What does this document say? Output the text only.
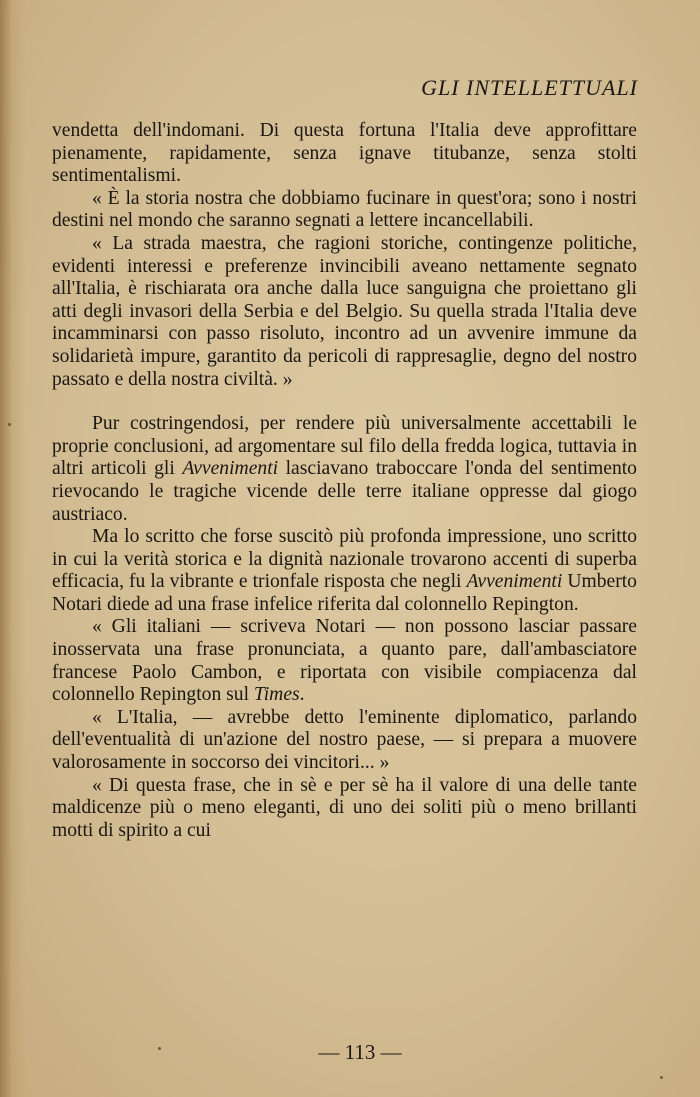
GLI INTELLETTUALI

vendetta dell'indomani. Di questa fortuna l'Italia deve approfittare pienamente, rapidamente, senza ignave titubanze, senza stolti sentimentalismi.

« È la storia nostra che dobbiamo fucinare in quest'ora; sono i nostri destini nel mondo che saranno segnati a lettere incancellabili.

« La strada maestra, che ragioni storiche, contingenze politiche, evidenti interessi e preferenze invincibili aveano nettamente segnato all'Italia, è rischiarata ora anche dalla luce sanguigna che proiettano gli atti degli invasori della Serbia e del Belgio. Su quella strada l'Italia deve incamminarsi con passo risoluto, incontro ad un avvenire immune da solidarietà impure, garantito da pericoli di rappresaglie, degno del nostro passato e della nostra civiltà. »

Pur costringendosi, per rendere più universalmente accettabili le proprie conclusioni, ad argomentare sul filo della fredda logica, tuttavia in altri articoli gli Avvenimenti lasciavano traboccare l'onda del sentimento rievocando le tragiche vicende delle terre italiane oppresse dal giogo austriaco.

Ma lo scritto che forse suscitò più profonda impressione, uno scritto in cui la verità storica e la dignità nazionale trovarono accenti di superba efficacia, fu la vibrante e trionfale risposta che negli Avvenimenti Umberto Notari diede ad una frase infelice riferita dal colonnello Repington.

« Gli italiani — scriveva Notari — non possono lasciar passare inosservata una frase pronunciata, a quanto pare, dall'ambasciatore francese Paolo Cambon, e riportata con visibile compiacenza dal colonnello Repington sul Times.

« L'Italia, — avrebbe detto l'eminente diplomatico, parlando dell'eventualità di un'azione del nostro paese, — si prepara a muovere valorosamente in soccorso dei vincitori... »

« Di questa frase, che in sè e per sè ha il valore di una delle tante maldicenze più o meno eleganti, di uno dei soliti più o meno brillanti motti di spirito a cui

— 113 —
